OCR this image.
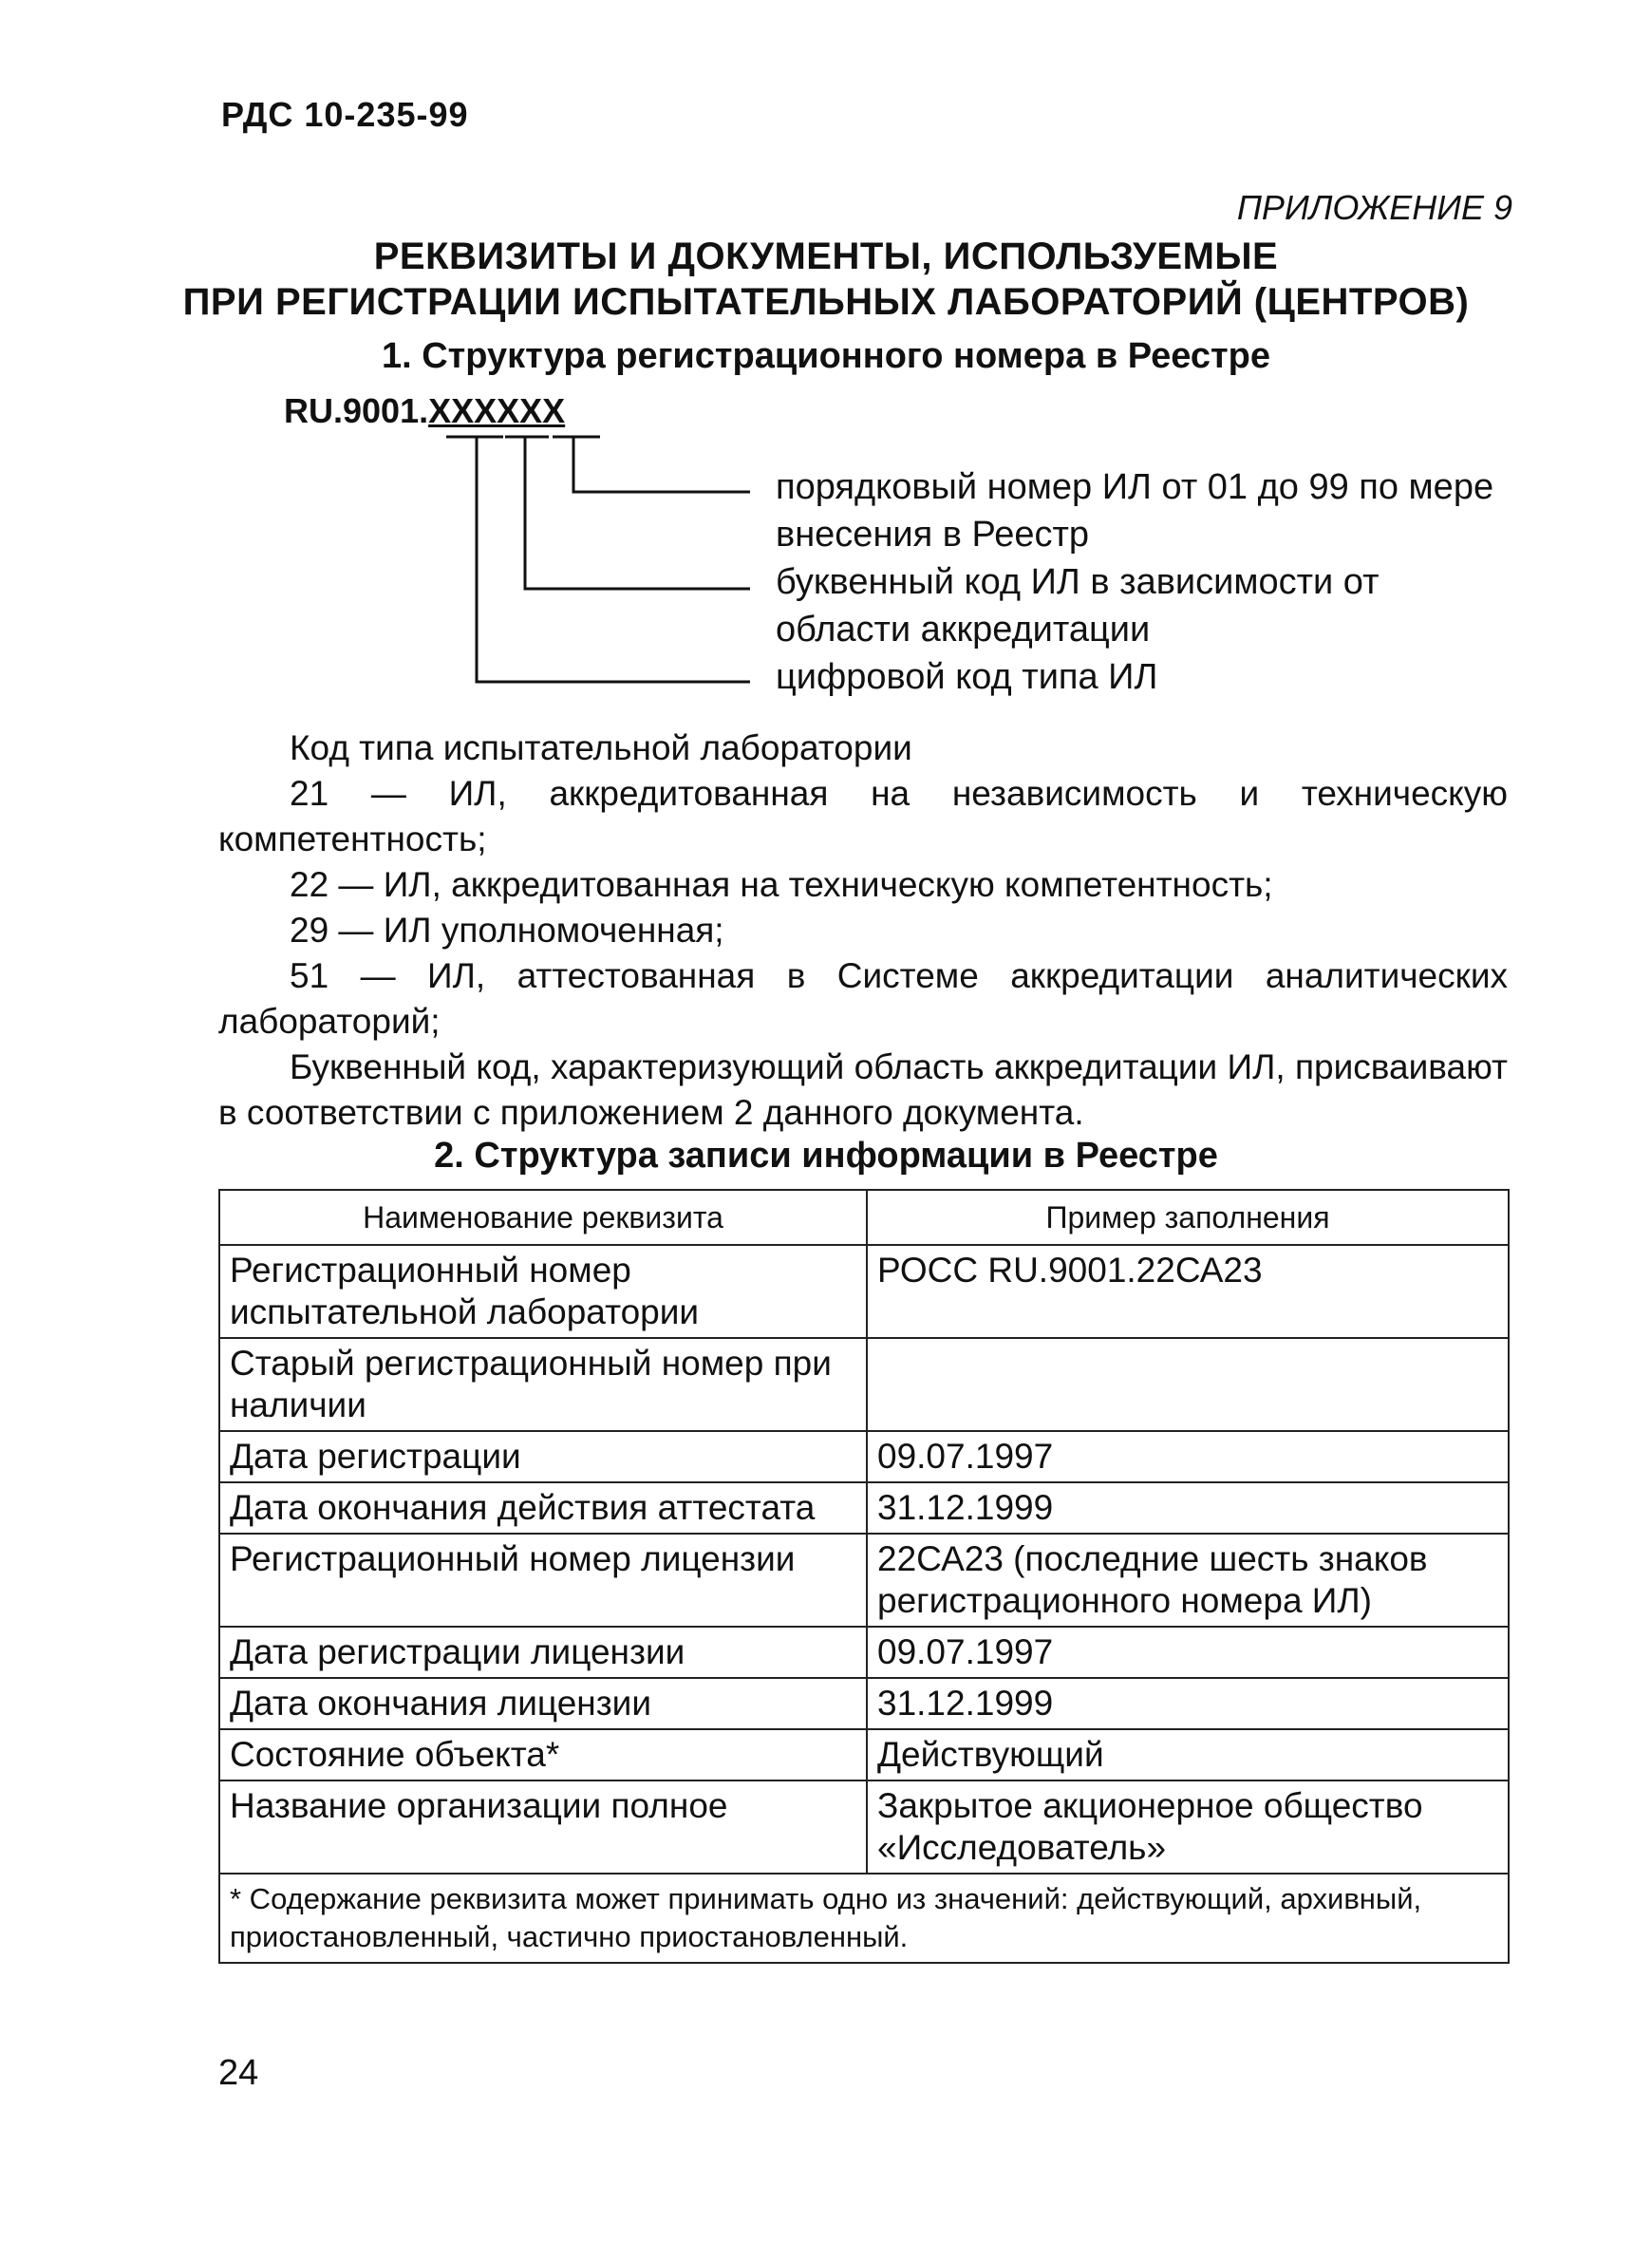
РДС 10-235-99
ПРИЛОЖЕНИЕ 9
РЕКВИЗИТЫ И ДОКУМЕНТЫ, ИСПОЛЬЗУЕМЫЕ
ПРИ РЕГИСТРАЦИИ ИСПЫТАТЕЛЬНЫХ ЛАБОРАТОРИЙ (ЦЕНТРОВ)
1. Структура регистрационного номера в Реестре
RU.9001.XXXXXX
порядковый номер ИЛ от 01 до 99 по мере внесения в Реестр
буквенный код ИЛ в зависимости от области аккредитации
цифровой код типа ИЛ

Код типа испытательной лаборатории

21 — ИЛ, аккредитованная на независимость и техническую компетентность;

22 — ИЛ, аккредитованная на техническую компетентность;

29 — ИЛ уполномоченная;

51 — ИЛ, аттестованная в Системе аккредитации аналитических лабораторий;

Буквенный код, характеризующий область аккредитации ИЛ, присваивают в соответствии с приложением 2 данного документа.

2. Структура записи информации в Реестре
Наименование реквизита	Пример заполнения
Регистрационный номер испытательной лаборатории	РОСС RU.9001.22СА23
Старый регистрационный номер при наличии	
Дата регистрации	09.07.1997
Дата окончания действия аттестата	31.12.1999
Регистрационный номер лицензии	22СА23 (последние шесть знаков регистрационного номера ИЛ)
Дата регистрации лицензии	09.07.1997
Дата окончания лицензии	31.12.1999
Состояние объекта*	Действующий
Название организации полное	Закрытое акционерное общество «Исследователь»
* Содержание реквизита может принимать одно из значений: действующий, архивный, приостановленный, частично приостановленный.	
24
